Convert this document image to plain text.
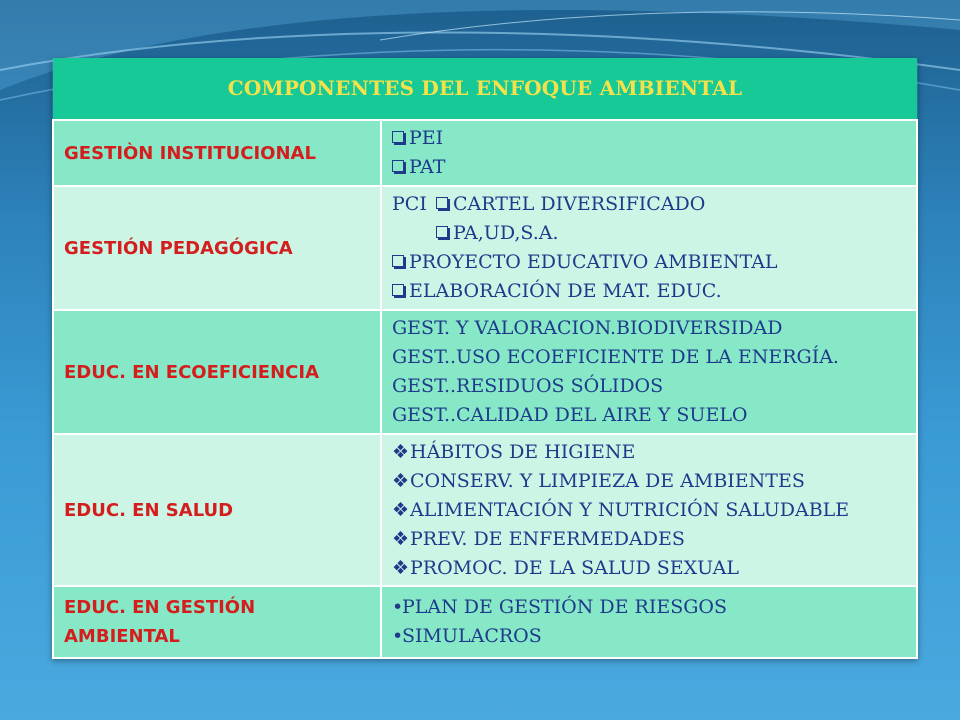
COMPONENTES DEL ENFOQUE AMBIENTAL	
GESTIÒN INSTITUCIONAL	PEI
PAT

GESTIÓN PEDAGÓGICA	PCI CARTEL DIVERSIFICADO
PA,UD,S.A.
PROYECTO EDUCATIVO AMBIENTAL
ELABORACIÓN DE MAT. EDUC.

EDUC. EN ECOEFICIENCIA	GEST. Y VALORACION.BIODIVERSIDAD
GEST..USO ECOEFICIENTE DE LA ENERGÍA.
GEST..RESIDUOS SÓLIDOS
GEST..CALIDAD DEL AIRE Y SUELO

EDUC. EN SALUD	❖HÁBITOS DE HIGIENE
❖CONSERV. Y LIMPIEZA DE AMBIENTES
❖ALIMENTACIÓN Y NUTRICIÓN SALUDABLE
❖PREV. DE ENFERMEDADES
❖PROMOC. DE LA SALUD SEXUAL

EDUC. EN GESTIÓN
AMBIENTAL	•PLAN DE GESTIÓN DE RIESGOS
•SIMULACROS
